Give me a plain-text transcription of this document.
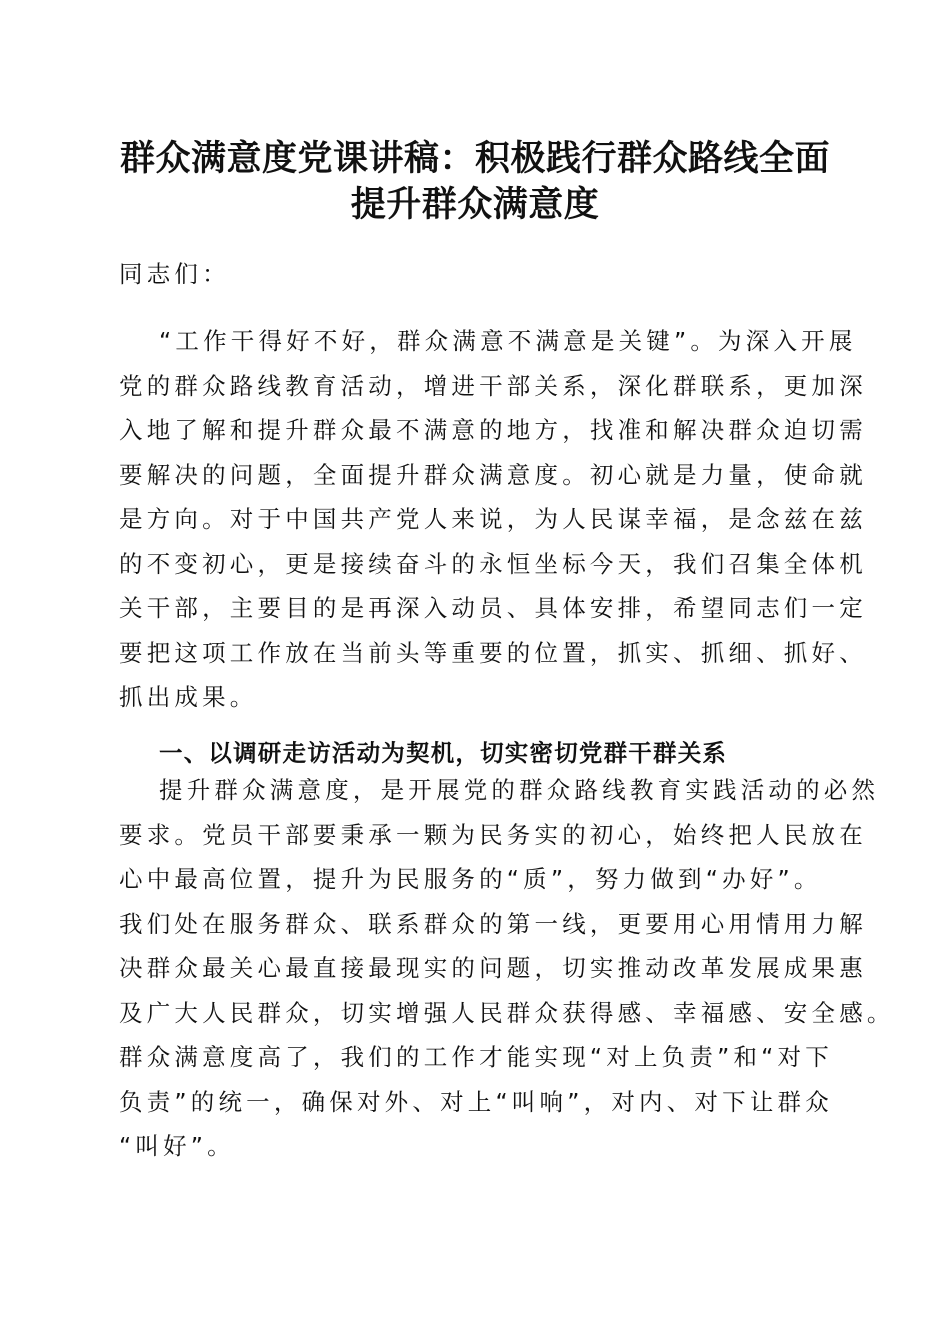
群众满意度党课讲稿：积极践行群众路线全面
提升群众满意度
同志们：
“工作干得好不好，群众满意不满意是关键”。为深入开展
党的群众路线教育活动，增进干部关系，深化群联系，更加深
入地了解和提升群众最不满意的地方，找准和解决群众迫切需
要解决的问题，全面提升群众满意度。初心就是力量，使命就
是方向。对于中国共产党人来说，为人民谋幸福，是念兹在兹
的不变初心，更是接续奋斗的永恒坐标今天，我们召集全体机
关干部，主要目的是再深入动员、具体安排，希望同志们一定
要把这项工作放在当前头等重要的位置，抓实、抓细、抓好、
抓出成果。
一、以调研走访活动为契机，切实密切党群干群关系
提升群众满意度，是开展党的群众路线教育实践活动的必然
要求。党员干部要秉承一颗为民务实的初心，始终把人民放在
心中最高位置，提升为民服务的“质”，努力做到“办好”。
我们处在服务群众、联系群众的第一线，更要用心用情用力解
决群众最关心最直接最现实的问题，切实推动改革发展成果惠
及广大人民群众，切实增强人民群众获得感、幸福感、安全感。
群众满意度高了，我们的工作才能实现“对上负责”和“对下
负责”的统一，确保对外、对上“叫响”，对内、对下让群众
“叫好”。
